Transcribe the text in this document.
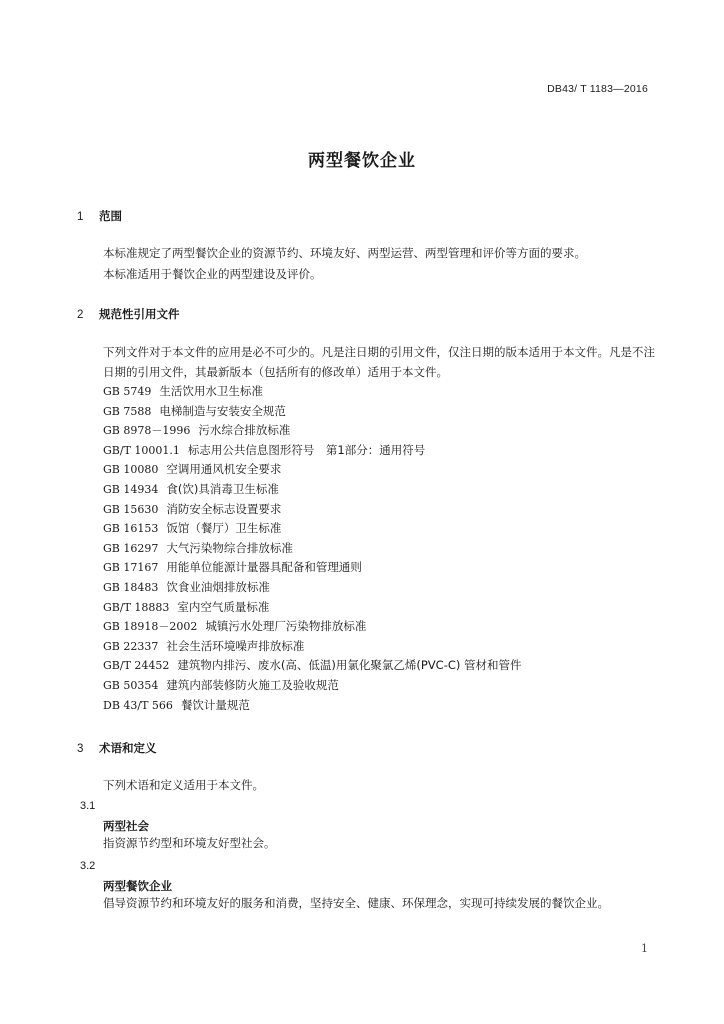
DB43/ T 1183—2016
两型餐饮企业
1 范围
本标准规定了两型餐饮企业的资源节约、环境友好、两型运营、两型管理和评价等方面的要求。
本标准适用于餐饮企业的两型建设及评价。
2 规范性引用文件
下列文件对于本文件的应用是必不可少的。凡是注日期的引用文件，仅注日期的版本适用于本文件。凡是不注日期的引用文件，其最新版本（包括所有的修改单）适用于本文件。
GB 5749 生活饮用水卫生标准
GB 7588 电梯制造与安装安全规范
GB 8978－1996 污水综合排放标准
GB/T 10001.1 标志用公共信息图形符号　第1部分：通用符号
GB 10080 空调用通风机安全要求
GB 14934 食(饮)具消毒卫生标准
GB 15630 消防安全标志设置要求
GB 16153 饭馆（餐厅）卫生标准
GB 16297 大气污染物综合排放标准
GB 17167 用能单位能源计量器具配备和管理通则
GB 18483 饮食业油烟排放标准
GB/T 18883 室内空气质量标准
GB 18918－2002 城镇污水处理厂污染物排放标准
GB 22337 社会生活环境噪声排放标准
GB/T 24452 建筑物内排污、废水(高、低温)用氯化聚氯乙烯(PVC-C) 管材和管件
GB 50354 建筑内部装修防火施工及验收规范
DB 43/T 566 餐饮计量规范
3 术语和定义
下列术语和定义适用于本文件。
3.1
两型社会
指资源节约型和环境友好型社会。
3.2
两型餐饮企业
倡导资源节约和环境友好的服务和消费，坚持安全、健康、环保理念，实现可持续发展的餐饮企业。
1
